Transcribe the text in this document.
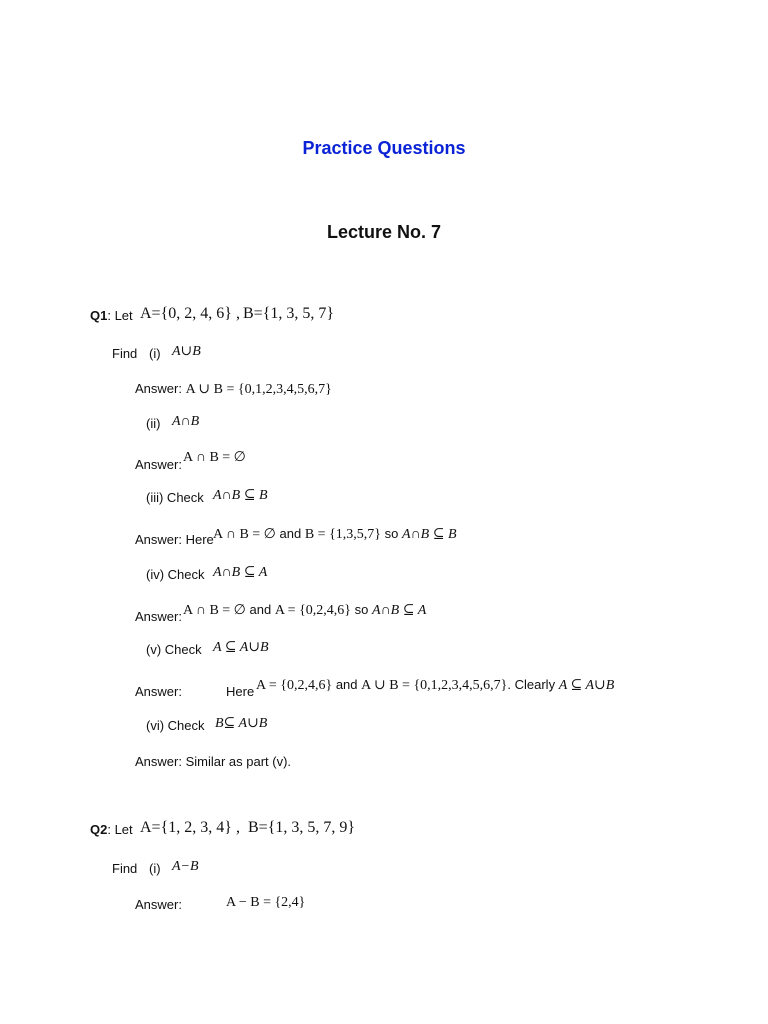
Practice Questions
Lecture No. 7
Q1: Let A={0, 2, 4, 6} , B={1, 3, 5, 7}
Find (i) A∪B
Answer: A ∪ B = {0,1,2,3,4,5,6,7}
(ii) A∩B
Answer: A ∩ B = ∅
(iii) Check A∩B ⊆ B
Answer: Here A ∩ B = ∅ and B = {1,3,5,7} so A∩B ⊆ B
(iv) Check A∩B ⊆ A
Answer: A ∩ B = ∅ and A = {0,2,4,6} so A∩B ⊆ A
(v) Check A ⊆ A∪B
Answer:	Here A = {0,2,4,6} and A ∪ B = {0,1,2,3,4,5,6,7}. Clearly A ⊆ A∪B
(vi) Check B⊆ A∪B
Answer: Similar as part (v).
Q2: Let A={1, 2, 3, 4} , B={1, 3, 5, 7, 9}
Find (i) A−B
Answer:	A − B = {2,4}
